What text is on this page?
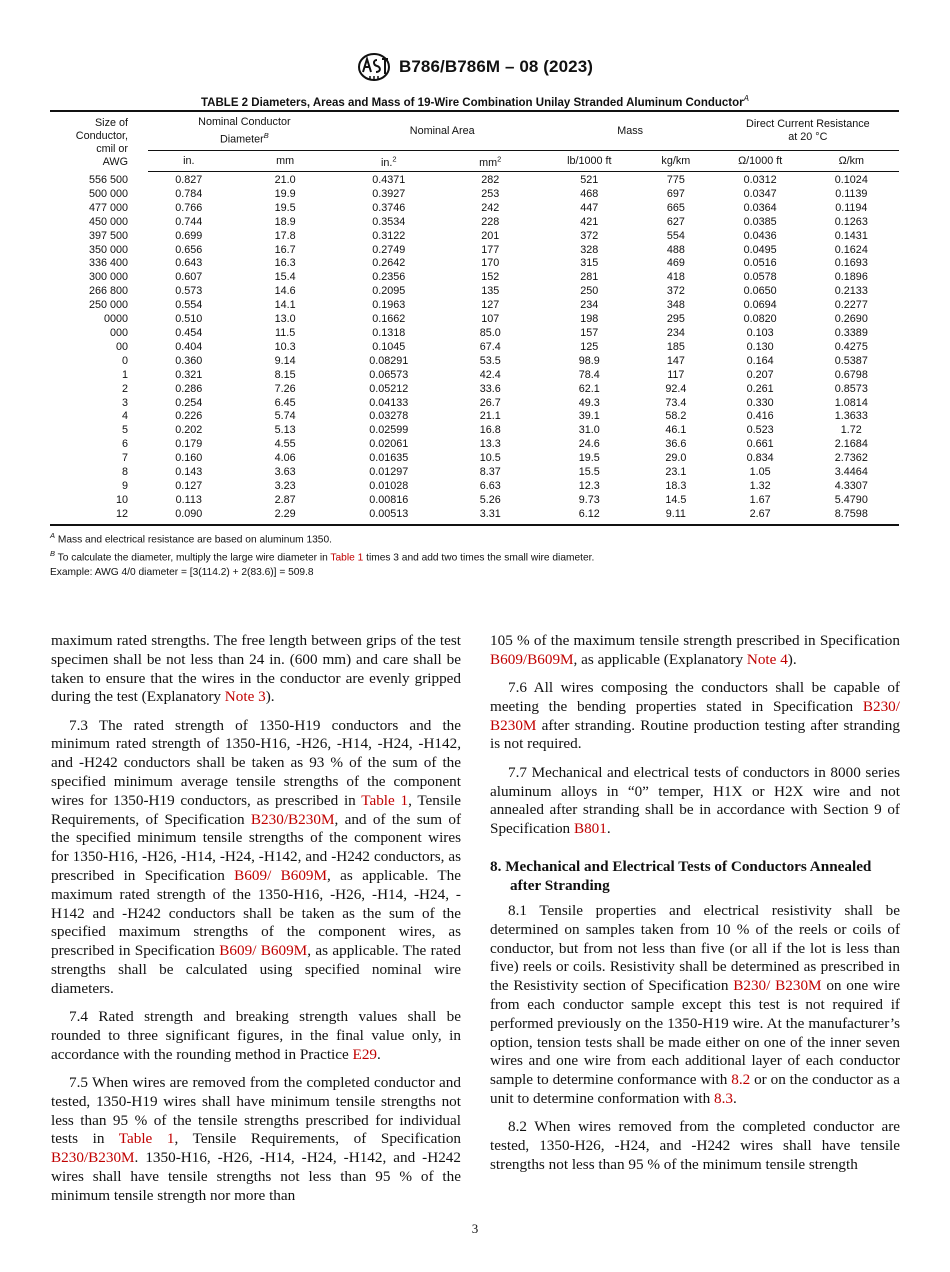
B786/B786M – 08 (2023)
TABLE 2 Diameters, Areas and Mass of 19-Wire Combination Unilay Stranded Aluminum Conductor$^A$
Size of
Conductor,
cmil or
AWG

Nominal Conductor
Diameter$^B$	Nominal Area	Mass	
Direct Current Resistance
at 20 °C

	in.	mm	in.$^2$	$mm^2$	lb/1000 ft	kg/km	Ω/1000 ft	Ω/km
556 500	0.827	21.0	0.4371	282	521	775	0.0312	0.1024
500 000	0.784	19.9	0.3927	253	468	697	0.0347	0.1139
477 000	0.766	19.5	0.3746	242	447	665	0.0364	0.1194
450 000	0.744	18.9	0.3534	228	421	627	0.0385	0.1263
397 500	0.699	17.8	0.3122	201	372	554	0.0436	0.1431
350 000	0.656	16.7	0.2749	177	328	488	0.0495	0.1624
336 400	0.643	16.3	0.2642	170	315	469	0.0516	0.1693
300 000	0.607	15.4	0.2356	152	281	418	0.0578	0.1896
266 800	0.573	14.6	0.2095	135	250	372	0.0650	0.2133
250 000	0.554	14.1	0.1963	127	234	348	0.0694	0.2277
0000	0.510	13.0	0.1662	107	198	295	0.0820	0.2690
000	0.454	11.5	0.1318	85.0	157	234	0.103	0.3389
00	0.404	10.3	0.1045	67.4	125	185	0.130	0.4275
0	0.360	9.14	0.08291	53.5	98.9	147	0.164	0.5387
1	0.321	8.15	0.06573	42.4	78.4	117	0.207	0.6798
2	0.286	7.26	0.05212	33.6	62.1	92.4	0.261	0.8573
3	0.254	6.45	0.04133	26.7	49.3	73.4	0.330	1.0814
4	0.226	5.74	0.03278	21.1	39.1	58.2	0.416	1.3633
5	0.202	5.13	0.02599	16.8	31.0	46.1	0.523	1.72
6	0.179	4.55	0.02061	13.3	24.6	36.6	0.661	2.1684
7	0.160	4.06	0.01635	10.5	19.5	29.0	0.834	2.7362
8	0.143	3.63	0.01297	8.37	15.5	23.1	1.05	3.4464
9	0.127	3.23	0.01028	6.63	12.3	18.3	1.32	4.3307
10	0.113	2.87	0.00816	5.26	9.73	14.5	1.67	5.4790
12	0.090	2.29	0.00513	3.31	6.12	9.11	2.67	8.7598
$^A$ Mass and electrical resistance are based on aluminum 1350.
$^B$ To calculate the diameter, multiply the large wire diameter in Table 1 times 3 and add two times the small wire diameter.
Example: AWG 4/0 diameter = [3(114.2) + 2(83.6)] = 509.8

maximum rated strengths. The free length between grips of the test specimen shall be not less than 24 in. (600 mm) and care shall be taken to ensure that the wires in the conductor are evenly gripped during the test (Explanatory Note 3).

7.3 The rated strength of 1350-H19 conductors and the minimum rated strength of 1350-H16, -H26, -H14, -H24, -H142, and -H242 conductors shall be taken as 93 % of the sum of the specified minimum average tensile strengths of the component wires for 1350-H19 conductors, as prescribed in Table 1, Tensile Requirements, of Specification B230/B230M, and of the sum of the specified minimum tensile strengths of the component wires for 1350-H16, -H26, -H14, -H24, -H142, and -H242 conductors, as prescribed in Specification B609/ B609M, as applicable. The maximum rated strength of the 1350-H16, -H26, -H14, -H24, -H142 and -H242 conductors shall be taken as the sum of the specified maximum strengths of the component wires, as prescribed in Specification B609/ B609M, as applicable. The rated strengths shall be calculated using specified nominal wire diameters.

7.4 Rated strength and breaking strength values shall be rounded to three significant figures, in the final value only, in accordance with the rounding method in Practice E29.

7.5 When wires are removed from the completed conductor and tested, 1350-H19 wires shall have minimum tensile strengths not less than 95 % of the tensile strengths prescribed for individual tests in Table 1, Tensile Requirements, of Specification B230/B230M. 1350-H16, -H26, -H14, -H24, -H142, and -H242 wires shall have tensile strengths not less than 95 % of the minimum tensile strength nor more than

105 % of the maximum tensile strength prescribed in Specification B609/B609M, as applicable (Explanatory Note 4).

7.6 All wires composing the conductors shall be capable of meeting the bending properties stated in Specification B230/ B230M after stranding. Routine production testing after stranding is not required.

7.7 Mechanical and electrical tests of conductors in 8000 series aluminum alloys in “0” temper, H1X or H2X wire and not annealed after stranding shall be in accordance with Section 9 of Specification B801.

8. Mechanical and Electrical Tests of Conductors Annealed after Stranding

8.1 Tensile properties and electrical resistivity shall be determined on samples taken from 10 % of the reels or coils of conductor, but from not less than five (or all if the lot is less than five) reels or coils. Resistivity shall be determined as prescribed in the Resistivity section of Specification B230/ B230M on one wire from each conductor sample except this test is not required if performed previously on the 1350-H19 wire. At the manufacturer’s option, tension tests shall be made either on one of the inner seven wires and one wire from each additional layer of each conductor sample to determine conformance with 8.2 or on the conductor as a unit to determine conformation with 8.3.

8.2 When wires removed from the completed conductor are tested, 1350-H26, -H24, and -H242 wires shall have tensile strengths not less than 95 % of the minimum tensile strength

3
